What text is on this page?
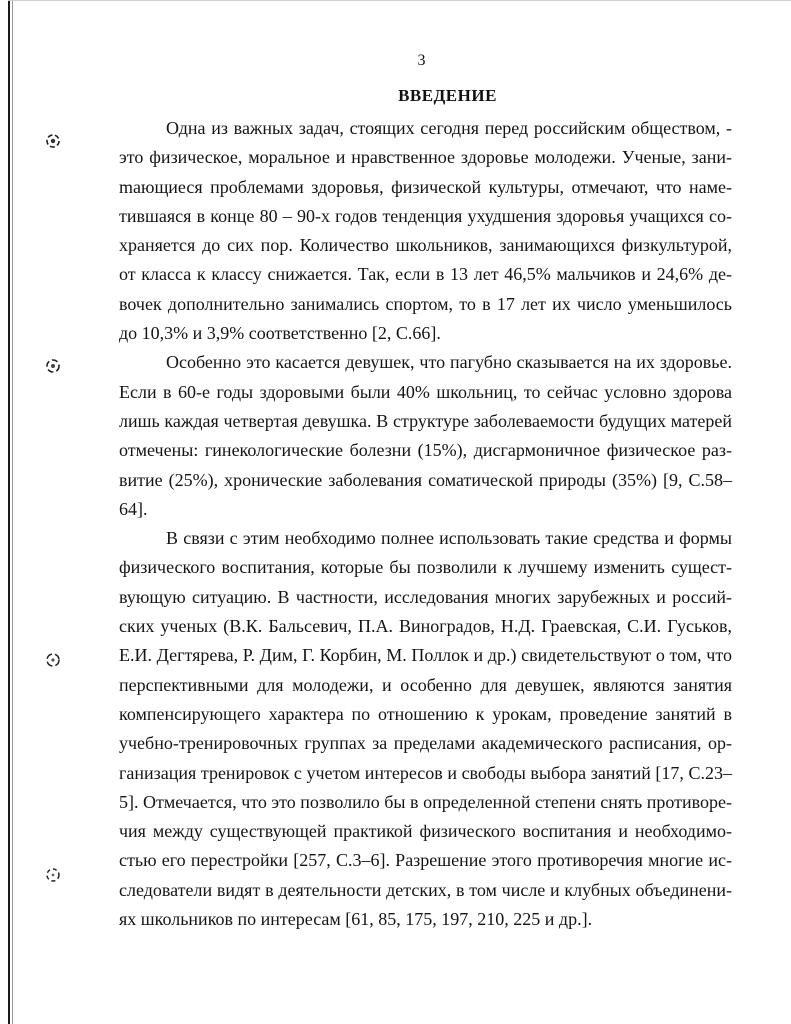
3
ВВЕДЕНИЕ

Одна из важных задач, стоящих сегодня перед российским обществом, - это физическое, моральное и нравственное здоровье молодежи. Ученые, заниmающиеся проблемами здоровья, физической культуры, отмечают, что наметившаяся в конце 80 – 90-х годов тенденция ухудшения здоровья учащихся сохраняется до сих пор. Количество школьников, занимающихся физкультурой, от класса к классу снижается. Так, если в 13 лет 46,5% мальчиков и 24,6% девочек дополнительно занимались спортом, то в 17 лет их число уменьшилось до 10,3% и 3,9% соответственно [2, С.66].

Особенно это касается девушек, что пагубно сказывается на их здоровье. Если в 60-е годы здоровыми были 40% школьниц, то сейчас условно здорова лишь каждая четвертая девушка. В структуре заболеваемости будущих матерей отмечены: гинекологические болезни (15%), дисгармоничное физическое развитие (25%), хронические заболевания соматической природы (35%) [9, С.58–64].

В связи с этим необходимо полнее использовать такие средства и формы физического воспитания, которые бы позволили к лучшему изменить существующую ситуацию. В частности, исследования многих зарубежных и российских ученых (В.К. Бальсевич, П.А. Виноградов, Н.Д. Граевская, С.И. Гуськов, Е.И. Дегтярева, Р. Дим, Г. Корбин, М. Поллок и др.) свидетельствуют о том, что перспективными для молодежи, и особенно для девушек, являются занятия компенсирующего характера по отношению к урокам, проведение занятий в учебно-тренировочных группах за пределами академического расписания, организация тренировок с учетом интересов и свободы выбора занятий [17, С.23–5]. Отмечается, что это позволило бы в определенной степени снять противоречия между существующей практикой физического воспитания и необходимостью его перестройки [257, С.3–6]. Разрешение этого противоречия многие исследователи видят в деятельности детских, в том числе и клубных объединениях школьников по интересам [61, 85, 175, 197, 210, 225 и др.].
